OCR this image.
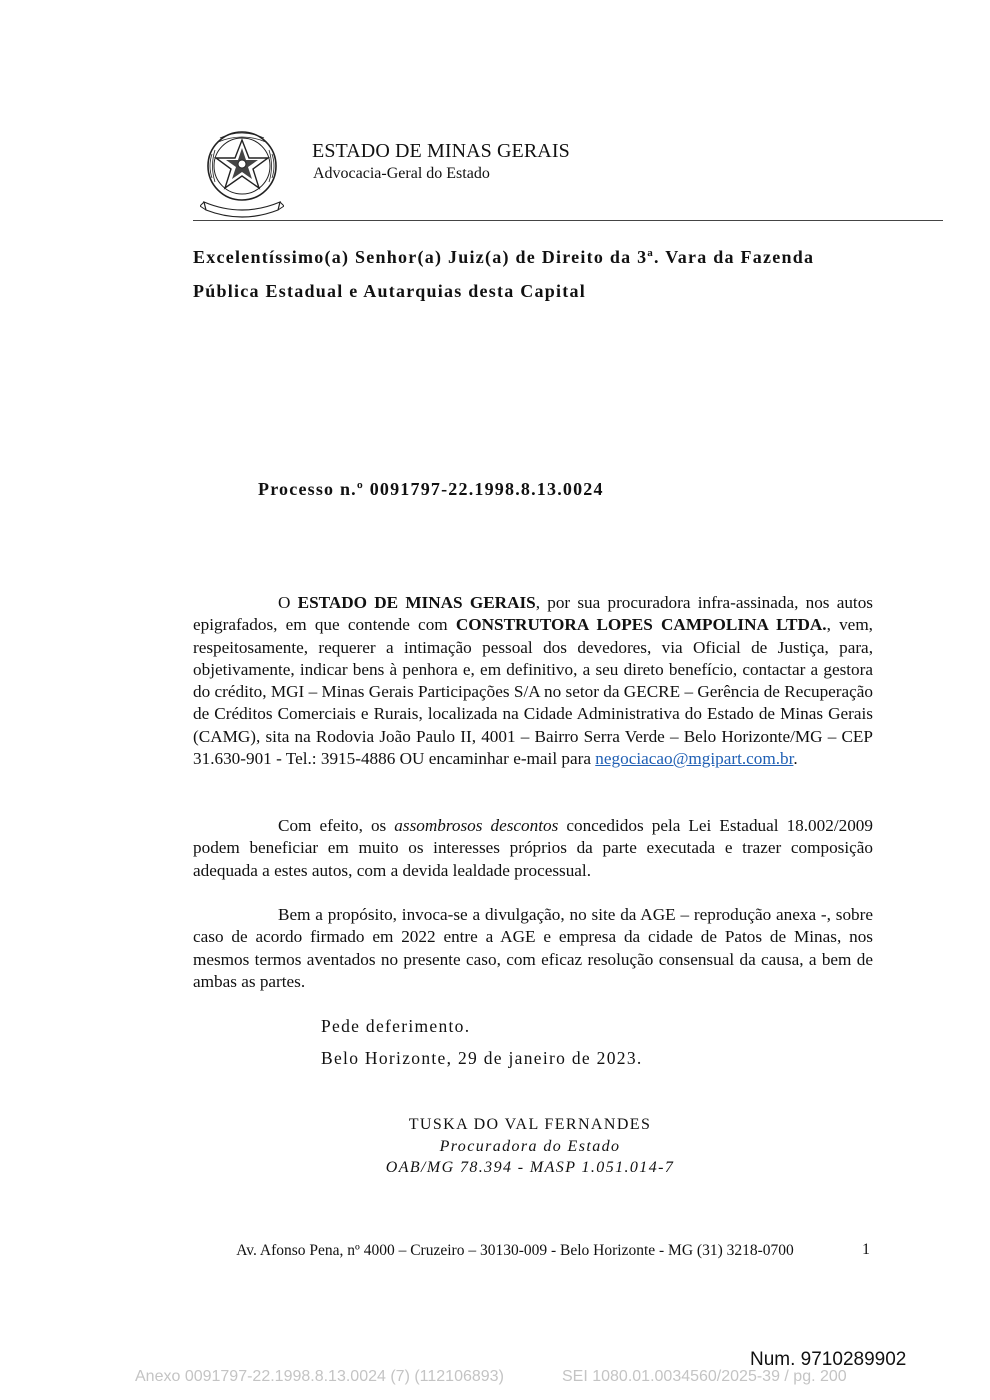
ESTADO DE MINAS GERAIS
Advocacia-Geral do Estado
Excelentíssimo(a) Senhor(a) Juiz(a) de Direito da 3ª. Vara da Fazenda
Pública Estadual e Autarquias desta Capital
Processo n.º 0091797-22.1998.8.13.0024

O ESTADO DE MINAS GERAIS, por sua procuradora infra-assinada, nos autos epigrafados, em que contende com CONSTRUTORA LOPES CAMPOLINA LTDA., vem, respeitosamente, requerer a intimação pessoal dos devedores, via Oficial de Justiça, para, objetivamente, indicar bens à penhora e, em definitivo, a seu direto benefício, contactar a gestora do crédito, MGI – Minas Gerais Participações S/A no setor da GECRE – Gerência de Recuperação de Créditos Comerciais e Rurais, localizada na Cidade Administrativa do Estado de Minas Gerais (CAMG), sita na Rodovia João Paulo II, 4001 – Bairro Serra Verde – Belo Horizonte/MG – CEP 31.630-901 - Tel.: 3915-4886 OU encaminhar e-mail para negociacao@mgipart.com.br.

Com efeito, os assombrosos descontos concedidos pela Lei Estadual 18.002/2009 podem beneficiar em muito os interesses próprios da parte executada e trazer composição adequada a estes autos, com a devida lealdade processual.

Bem a propósito, invoca-se a divulgação, no site da AGE – reprodução anexa -, sobre caso de acordo firmado em 2022 entre a AGE e empresa da cidade de Patos de Minas, nos mesmos termos aventados no presente caso, com eficaz resolução consensual da causa, a bem de ambas as partes.

Pede deferimento.
Belo Horizonte, 29 de janeiro de 2023.
TUSKA DO VAL FERNANDES
Procuradora do Estado
OAB/MG 78.394 - MASP 1.051.014-7
Av. Afonso Pena, nº 4000 – Cruzeiro – 30130-009 - Belo Horizonte - MG (31) 3218-0700	1
Num. 9710289902
Anexo 0091797-22.1998.8.13.0024 (7) (112106893)	SEI 1080.01.0034560/2025-39 / pg. 200
